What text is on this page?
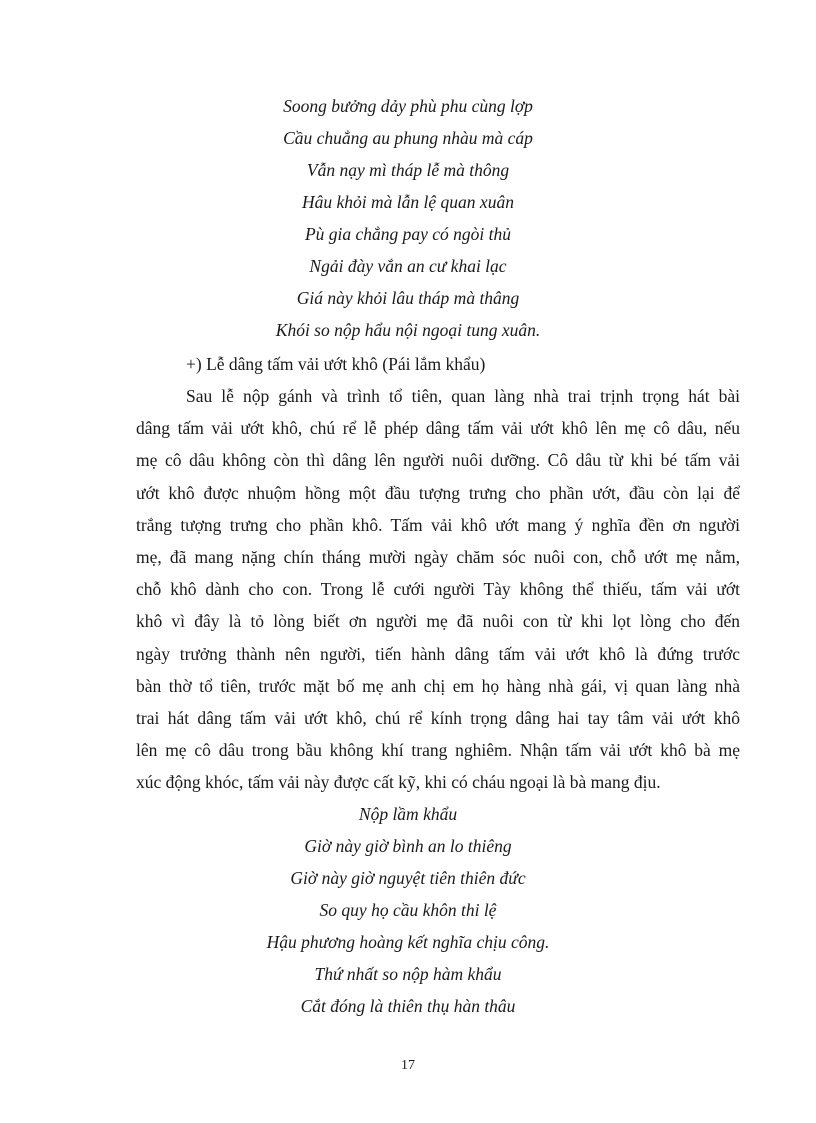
Soong bưởng dảy phù phu cùng lợp
Cầu chuẳng au phung nhàu mà cáp
Vẫn nạy mì tháp lễ mà thông
Hâu khỏi mà lẫn lệ quan xuân
Pù gia chẳng pay có ngòi thủ
Ngải đày vắn an cư khai lạc
Giá này khỏi lâu tháp mà thâng
Khói so nộp hẩu nội ngoại tung xuân.
+) Lễ dâng tấm vải ướt khô (Pái lắm khẩu)
Sau lễ nộp gánh và trình tổ tiên, quan làng nhà trai trịnh trọng hát bài
dâng tấm vải ướt khô, chú rể lễ phép dâng tấm vải ướt khô lên mẹ cô dâu, nếu
mẹ cô dâu không còn thì dâng lên người nuôi dưỡng. Cô dâu từ khi bé tấm vải
ướt khô được nhuộm hồng một đầu tượng trưng cho phần ướt, đầu còn lại để
trắng tượng trưng cho phần khô. Tấm vải khô ướt mang ý nghĩa đền ơn người
mẹ, đã mang nặng chín tháng mười ngày chăm sóc nuôi con, chỗ ướt mẹ nằm,
chỗ khô dành cho con. Trong lễ cưới người Tày không thể thiếu, tấm vải ướt
khô vì đây là tỏ lòng biết ơn người mẹ đã nuôi con từ khi lọt lòng cho đến
ngày trưởng thành nên người, tiến hành dâng tấm vải ướt khô là đứng trước
bàn thờ tổ tiên, trước mặt bố mẹ anh chị em họ hàng nhà gái, vị quan làng nhà
trai hát dâng tấm vải ướt khô, chú rể kính trọng dâng hai tay tâm vải ướt khô
lên mẹ cô dâu trong bầu không khí trang nghiêm. Nhận tấm vải ướt khô bà mẹ
xúc động khóc, tấm vải này được cất kỹ, khi có cháu ngoại là bà mang địu.
Nộp lầm khẩu
Giờ này giờ bình an lo thiêng
Giờ này giờ nguyệt tiên thiên đức
So quy họ cầu khôn thi lệ
Hậu phương hoàng kết nghĩa chịu công.
Thứ nhất so nộp hàm khẩu
Cắt đóng là thiên thụ hàn thâu
17
